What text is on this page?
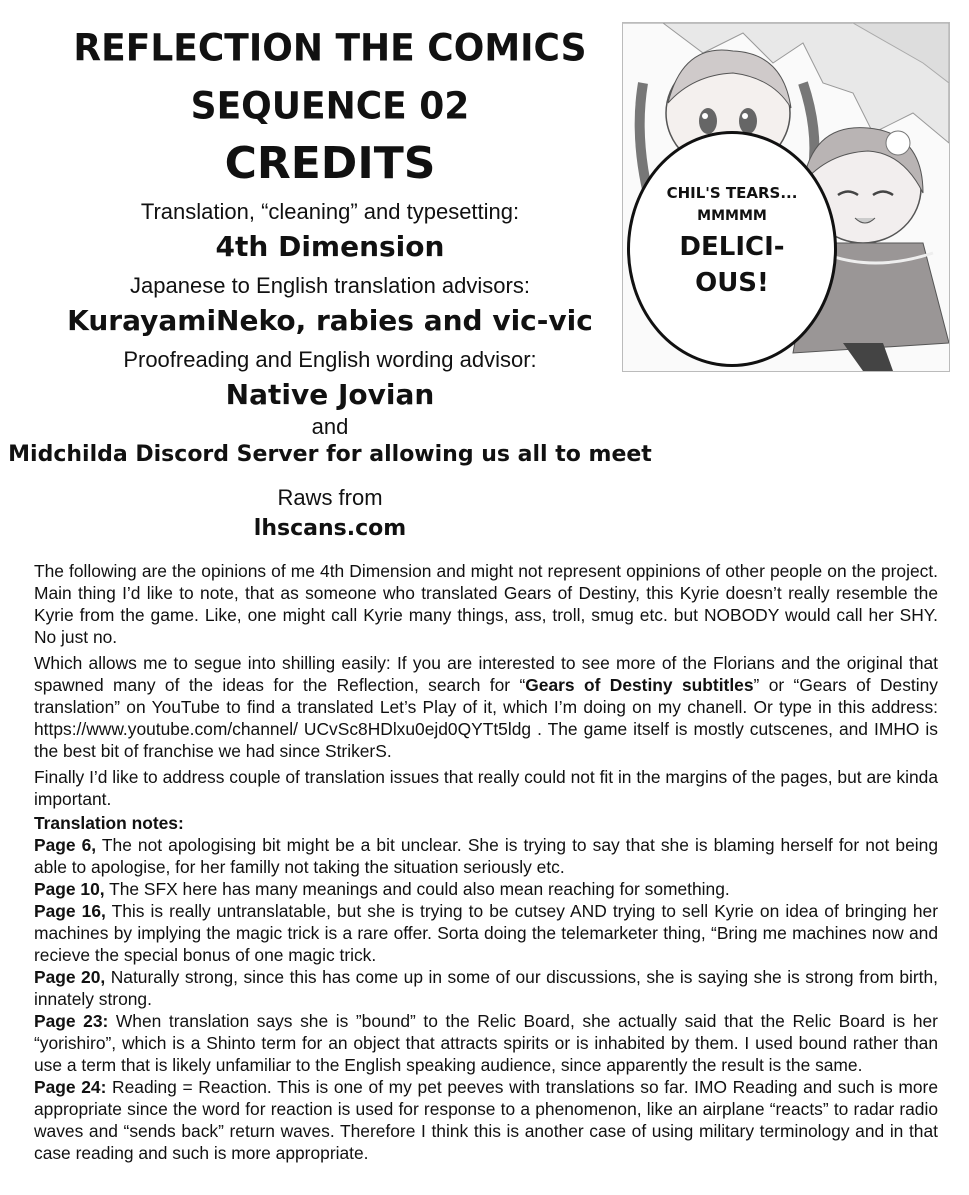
REFLECTION THE COMICS

SEQUENCE 02

CREDITS

Translation, “cleaning” and typesetting:

4th Dimension

Japanese to English translation advisors:

KurayamiNeko, rabies and vic-vic

Proofreading and English wording advisor:

Native Jovian

and

Midchilda Discord Server for allowing us all to meet

Raws from

lhscans.com

CHIL'S TEARS...
MMMMM
DELICI-
OUS!

The following are the opinions of me 4th Dimension and might not represent oppinions of other people on the project. Main thing I’d like to note, that as someone who translated Gears of Destiny, this Kyrie doesn’t really resemble the Kyrie from the game. Like, one might call Kyrie many things, ass, troll, smug etc. but NOBODY would call her SHY. No just no.

Which allows me to segue into shilling easily: If you are interested to see more of the Florians and the original that spawned many of the ideas for the Reflection, search for “Gears of Destiny subtitles” or “Gears of Destiny translation” on YouTube to find a translated Let’s Play of it, which I’m doing on my chanell. Or type in this address: https://www.youtube.com/channel/ UCvSc8HDlxu0ejd0QYTt5ldg . The game itself is mostly cutscenes, and IMHO is the best bit of franchise we had since StrikerS.

Finally I’d like to address couple of translation issues that really could not fit in the margins of the pages, but are kinda important.

Translation notes:

Page 6, The not apologising bit might be a bit unclear. She is trying to say that she is blaming herself for not being able to apologise, for her familly not taking the situation seriously etc.

Page 10, The SFX here has many meanings and could also mean reaching for something.

Page 16, This is really untranslatable, but she is trying to be cutsey AND trying to sell Kyrie on idea of bringing her machines by implying the magic trick is a rare offer. Sorta doing the telemarketer thing, “Bring me machines now and recieve the special bonus of one magic trick.

Page 20, Naturally strong, since this has come up in some of our discussions, she is saying she is strong from birth, innately strong.

Page 23: When translation says she is ”bound” to the Relic Board, she actually said that the Relic Board is her “yorishiro”, which is a Shinto term for an object that attracts spirits or is inhabited by them. I used bound rather than use a term that is likely unfamiliar to the English speaking audience, since apparently the result is the same.

Page 24: Reading = Reaction. This is one of my pet peeves with translations so far. IMO Reading and such is more appropriate since the word for reaction is used for response to a phenomenon, like an airplane “reacts” to radar radio waves and “sends back” return waves. Therefore I think this is another case of using military terminology and in that case reading and such is more appropriate.
